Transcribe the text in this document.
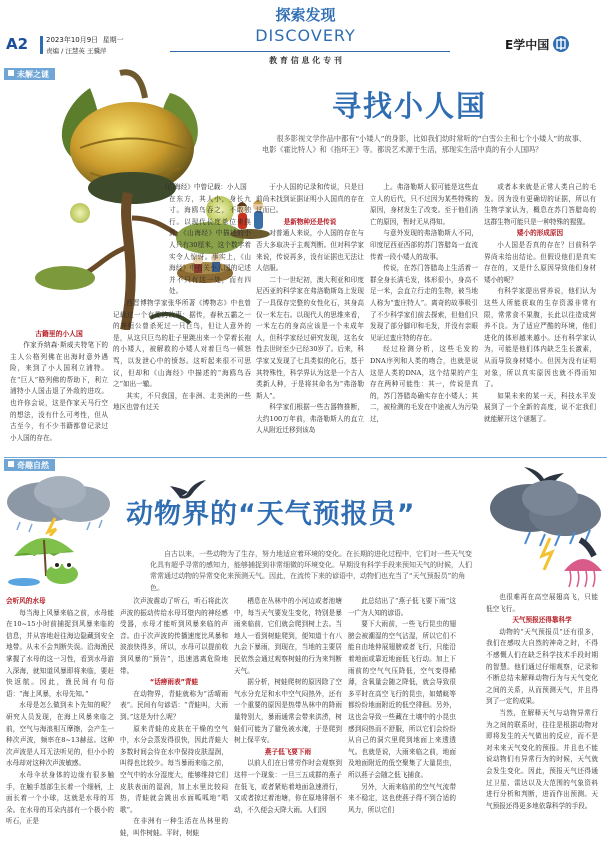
A2	2023年10月9日 星期一
责编 / 汪慧英 王骥萍
探索发现
DISCOVERY
教 育 信 息 化 专 刊
E学中国
未解之谜
寻找小人国

很多影视文学作品中都有“小矮人”的身影，比如我们幼时常听的“白雪公主和七个小矮人”的故事、电影《霍比特人》和《指环王》等。都说艺术源于生活，那现实生活中真的有小人国吗？

古籍里的小人国

作家乔纳森·斯威夫特笔下的主人公格列佛在出海时意外遇险，来到了小人国利立浦特。在“巨人”格列佛的帮助下，利立浦特小人国击退了外敌的进攻。也许你会说，这是作家天马行空的想法，没有什么可考性，但从古至今，有不少书籍都曾记录过小人国的存在。

《山海经》中曾记载：小人国

在东方，其人小，身长九寸。海鸥鸟吞之，不敢独行。以现代长度单位来换算，《山海经》中描述的小人只有30厘米，这个数字着实令人惊讶。事实上，《山海经》中有关小人国的记述并不只有这一处，而有四处。

西晋博物学家张华所著《博物志》中也曾记载过一个有趣的故事：据传，春秋五霸之一的齐桓公曾杀死过一只巨鸟，但让人意外的是，从这只巨鸟的肚子里跳出来一个穿着长袍的小矮人，被解救的小矮人对着巨鸟一顿怒骂，以发泄心中的愤怒。这听起来很不可思议，但却和《山海经》中描述的“海鸥鸟吞之”如出一辙。

其实，不只我国，在非洲、北美洲的一些地区也曾有过关

于小人国的记录和传说，只是目前尚未找到证据证明小人国真的存在过而已。

是新物种还是传说

对普通人来说，小人国的存在与否大多取决于主观判断。但对科学家来说，传说再多，没有证据也无法让人信服。

二十一世纪初，澳大利亚和印度尼西亚的科学家在弗洛勒斯岛上发现了一具保存完整的女性化石，其身高仅一米左右。以现代人的思维来看，一米左右的身高应该是一个未成年人，但科学家经过研究发现，这名女性去世时至少已经30岁了。后来，科学家又发现了七具类似的化石，基于其特殊性，科学界认为这是一个古人类新人种，于是将其命名为“弗洛勒斯人”。

科学家们根据一些古器物推断，大约100万年前，弗洛勒斯人的直立人从附近迁移到该岛

上。弗洛勒斯人很可能是这些直立人的后代，只不过因为某些特殊的原因，身材发生了改变。至于他们消亡的原因，暂时无从得知。

与意外发现的弗洛勒斯人不同，印度尼西亚西部的苏门答腊岛一直流传着一段小矮人的故事。

传说，在苏门答腊岛上生活着一群全身长满毛发，体形很小，身高不足一米，会直立行走的生物，被当地人称为“蛮庄特人”。离奇的故事吸引了不少科学家们前去探索，但他们只发现了部分脚印和毛发，并没有亲眼见证过蛮庄特的存在。

经过检测分析，这些毛发的DNA序列和人类的吻合，也就是说这是人类的DNA，这个结果的产生存在两种可能性：其一，传说是真的，苏门答腊岛确实存在小矮人；其二，被检测的毛发在中途被人为污染过，

或者本来就是正常人类自己的毛发。因为没有更确切的证据，所以有生物学家认为，概息在苏门答腊岛的这群生物可能只是一种特殊的猩猩。

矮小的形成原因

小人国是否真的存在？目前科学界尚未给出结论。但假设他们是真实存在的，又是什么原因导致他们身材矮小的呢？

有科学家提出营养说，他们认为这些人所能获取的生存资源非常有限，常常食不果腹，长此以往造成营养不良。为了适应严酷的环境，他们进化的体形越来越小。还有科学家认为，可能是他们体内缺乏生长激素，从而导致身材矮小。但因为没有证明对象，所以真实原因也就不得而知了。

如果未来的某一天，科技水平发展到了一个全新的高度，说不定我们就能解开这个谜题了。

奇趣自然
动物界的“天气预报员”

自古以来，一些动物为了生存，努力地适应着环境的变化。在长期的进化过程中，它们对一些天气变化具有超乎寻常的感知力，能够捕捉到非常细微的环境变化。早期没有科学手段来预知天气的时候，人们常常通过动物的异常变化来预测天气。因此，在流传下来的谚语中，动物们也充当了“天气预报员”的角色。

会听风的水母

每当海上风暴来临之前，水母能在10~15小时前捕捉到风暴来临的信息，并从容地赶往海边隐藏到安全地带。从未不会判断失误。沿海渔民掌握了水母的这一习性，看到水母游入深海，就知道风暴即将来临，要赶快返航。因此，渔民间有句俗语：“海上风暴，水母先知。”

水母是怎么做到未卜先知的呢？研究人员发现，在海上风暴来临之前，空气与海浪相互摩擦，会产生一种次声波，频率在8~13赫兹。这种次声波是人耳无法听见的，但小小的水母却对这种次声波敏感。

水母伞状身体的边缘有很多触手，在触手基部生长着一个细柄，上面长着一个小球，这就是水母的耳朵。在水母的耳朵内部有一个极小的听石，正是

次声波震动了听石，听石将此次声波的振动传给水母耳壁内的神经感受器，水母才能听到风暴来临的声音。由于次声波的传播速度比风暴和波浪快得多，所以，水母可以提前收到风暴的“预告”，迅速逃离危险地带。

“话痨雨表”青蛙

在动物界，青蛙就称为“活晴雨表”。民间有句谚语：“青蛙叫，大雨到。”这是为什么呢？

原来青蛙的皮肤在干燥的空气中，水分会蒸发得很快，因此青蛙大多数时间会待在水中保持皮肤湿润，叫得也比较少。每当暴雨来临之前，空气中的水分湿度大，能够维持它们皮肤表面的湿润，加上水里比较闷热，青蛙就会跳出水面呱呱地“唱歌”。

在非洲有一种生活在丛林里的蛙，叫作树蛙。平时，树蛙

栖息在丛林中的小河边或者池塘中，每当天气要发生变化，特别是暴雨来临前，它们就会爬到树上去。当地人一看到树蛙爬到，便知道十有八九会下暴雨，到现在，当地的主要居民依然会通过观察树蛙的行为来判断天气。

据分析，树蛙爬树的原因除了空气水分充足和水中空气闷热外，还有一个重要的原因是热带丛林中的降雨量特别大，暴雨通常会带来洪涝，树蛙们可能为了避免被水淹，于是爬到树上保平安。

燕子低飞要下雨

以前人们在日常劳作时会观察到这样一个现象：一旦三五成群的燕子在低飞，或者紧贴着地面急速滑行，又或者掠过着池塘，你在原地徘徊不动，不久便会天降大雨。人们因

此总结出了“燕子低飞要下雨”这一广为人知的谚语。

要下大雨前，一些飞行昆虫的翅膀会被潮湿的空气沾湿，所以它们不能自由地伸展翅膀或者飞行，只能沿着地面或靠近地面低飞行动。加上下雨前的空气气压降低，空气变得稀薄，含氧量会随之降低，就会导致很多平时在高空飞行的昆虫，如蜻蜓等都纷纷地面附近的低空徘徊。另外，这也会导致一些藏在土壤中的小昆虫感到闷热而不舒服，所以它们会纷纷从自己的洞穴里爬到地面上来透透气。也就是说，大雨来临之前，地面及地面附近的低空聚集了大量昆虫，所以燕子会随之低飞捕食。

另外，大雨来临前的空气气流带来不稳定，这也使燕子得不到合适的风力，所以它们

也很难再在高空展翅高飞，只能低空飞行。

天气预报还得靠科学

动物的“天气预报员”还有很多，我们在感叹大自然的神奇之时，不得不感慨人们在缺乏科学技术手段时期的智慧。他们通过仔细观察，记录和不断总结未解释动物行为与天气变化之间的关系，从而预测天气，并且得到了一定的成果。

当然，在解释天气与动物异常行为之间的联系时，往往是根据动物对即将发生的天气做出的反应，而不是对未来天气变化的预报。并且也不能说动物们有异常行为的时候，天气就会发生变化。因此，预报天气还得通过卫星、雷达以及大范围的气象资料进行分析和判断，进而作出预测。天气预报还得更多地依靠科学的手段。
